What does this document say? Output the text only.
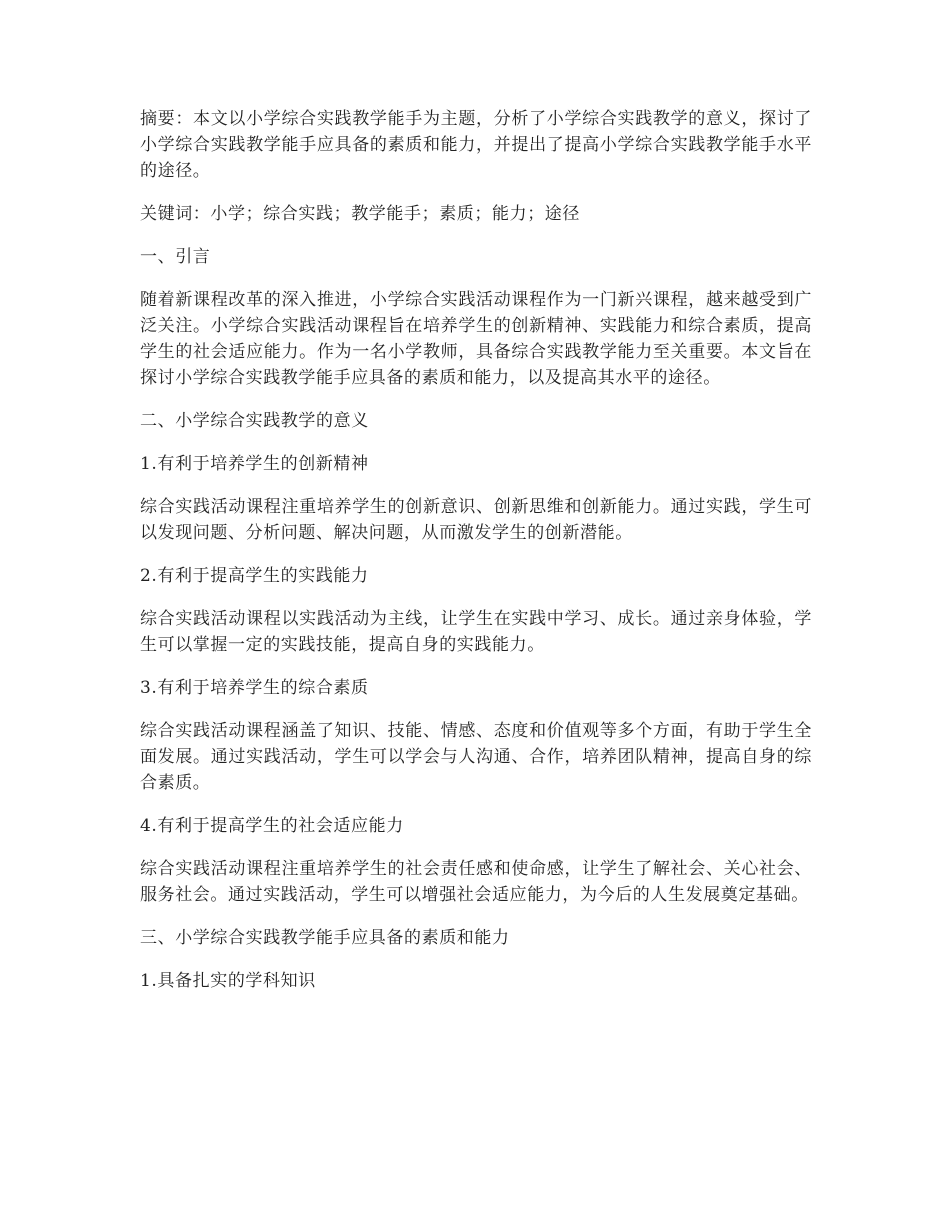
摘要：本文以小学综合实践教学能手为主题，分析了小学综合实践教学的意义，探讨了小学综合实践教学能手应具备的素质和能力，并提出了提高小学综合实践教学能手水平的途径。

关键词：小学；综合实践；教学能手；素质；能力；途径

一、引言

随着新课程改革的深入推进，小学综合实践活动课程作为一门新兴课程，越来越受到广泛关注。小学综合实践活动课程旨在培养学生的创新精神、实践能力和综合素质，提高学生的社会适应能力。作为一名小学教师，具备综合实践教学能力至关重要。本文旨在探讨小学综合实践教学能手应具备的素质和能力，以及提高其水平的途径。

二、小学综合实践教学的意义

1.有利于培养学生的创新精神

综合实践活动课程注重培养学生的创新意识、创新思维和创新能力。通过实践，学生可以发现问题、分析问题、解决问题，从而激发学生的创新潜能。

2.有利于提高学生的实践能力

综合实践活动课程以实践活动为主线，让学生在实践中学习、成长。通过亲身体验，学生可以掌握一定的实践技能，提高自身的实践能力。

3.有利于培养学生的综合素质

综合实践活动课程涵盖了知识、技能、情感、态度和价值观等多个方面，有助于学生全面发展。通过实践活动，学生可以学会与人沟通、合作，培养团队精神，提高自身的综合素质。

4.有利于提高学生的社会适应能力

综合实践活动课程注重培养学生的社会责任感和使命感，让学生了解社会、关心社会、服务社会。通过实践活动，学生可以增强社会适应能力，为今后的人生发展奠定基础。

三、小学综合实践教学能手应具备的素质和能力

1.具备扎实的学科知识
